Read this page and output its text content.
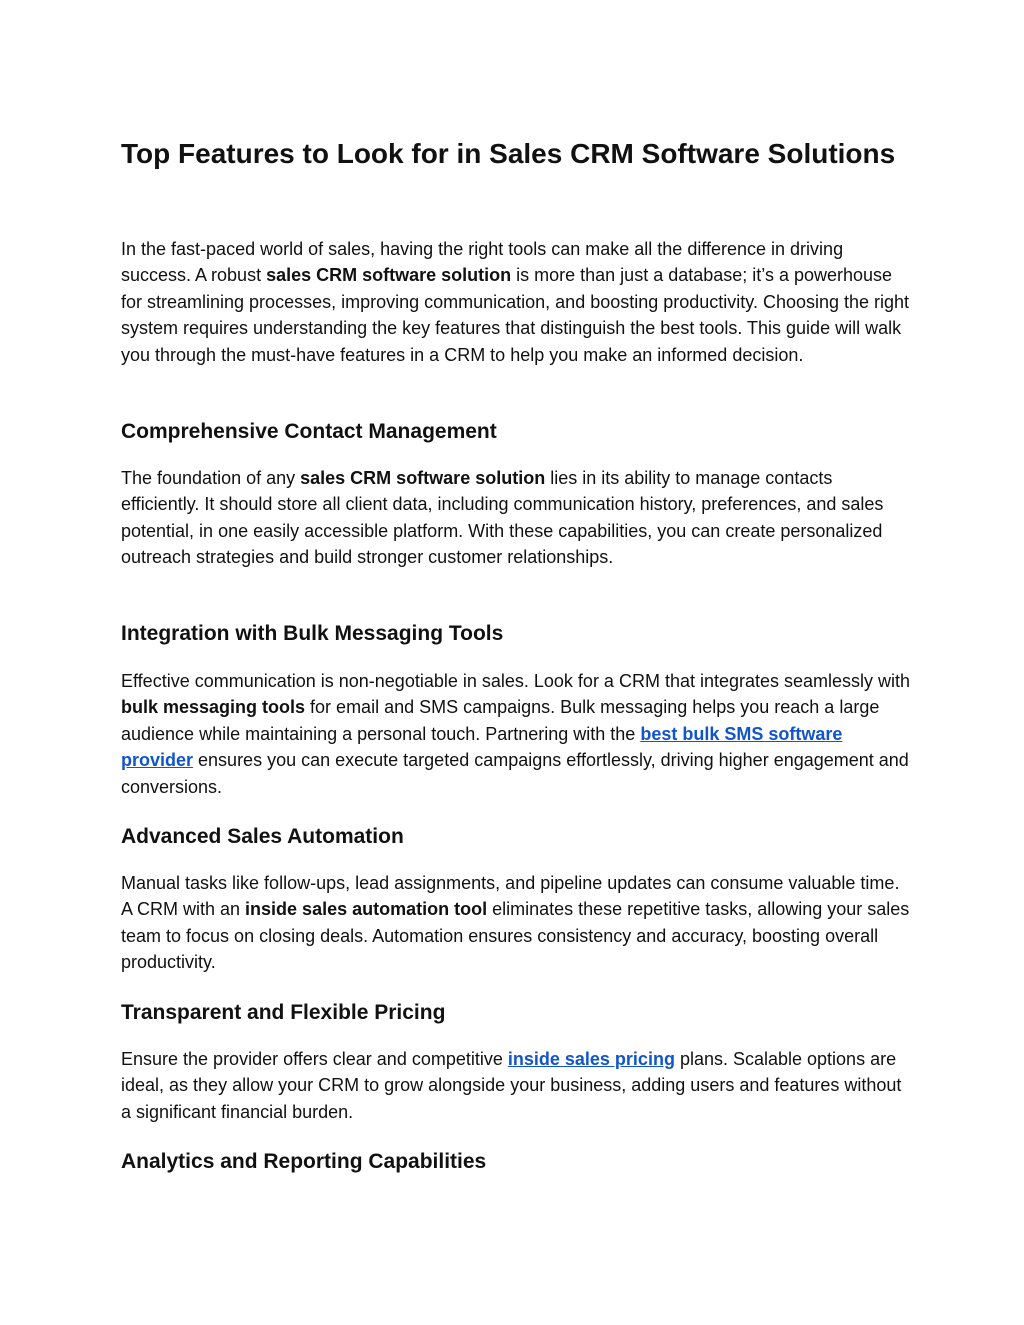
Top Features to Look for in Sales CRM Software Solutions

In the fast-paced world of sales, having the right tools can make all the difference in driving success. A robust sales CRM software solution is more than just a database; it’s a powerhouse for streamlining processes, improving communication, and boosting productivity. Choosing the right system requires understanding the key features that distinguish the best tools. This guide will walk you through the must-have features in a CRM to help you make an informed decision.

Comprehensive Contact Management

The foundation of any sales CRM software solution lies in its ability to manage contacts efficiently. It should store all client data, including communication history, preferences, and sales potential, in one easily accessible platform. With these capabilities, you can create personalized outreach strategies and build stronger customer relationships.

Integration with Bulk Messaging Tools

Effective communication is non-negotiable in sales. Look for a CRM that integrates seamlessly with bulk messaging tools for email and SMS campaigns. Bulk messaging helps you reach a large audience while maintaining a personal touch. Partnering with the best bulk SMS software provider ensures you can execute targeted campaigns effortlessly, driving higher engagement and conversions.

Advanced Sales Automation

Manual tasks like follow-ups, lead assignments, and pipeline updates can consume valuable time. A CRM with an inside sales automation tool eliminates these repetitive tasks, allowing your sales team to focus on closing deals. Automation ensures consistency and accuracy, boosting overall productivity.

Transparent and Flexible Pricing

Ensure the provider offers clear and competitive inside sales pricing plans. Scalable options are ideal, as they allow your CRM to grow alongside your business, adding users and features without a significant financial burden.

Analytics and Reporting Capabilities
